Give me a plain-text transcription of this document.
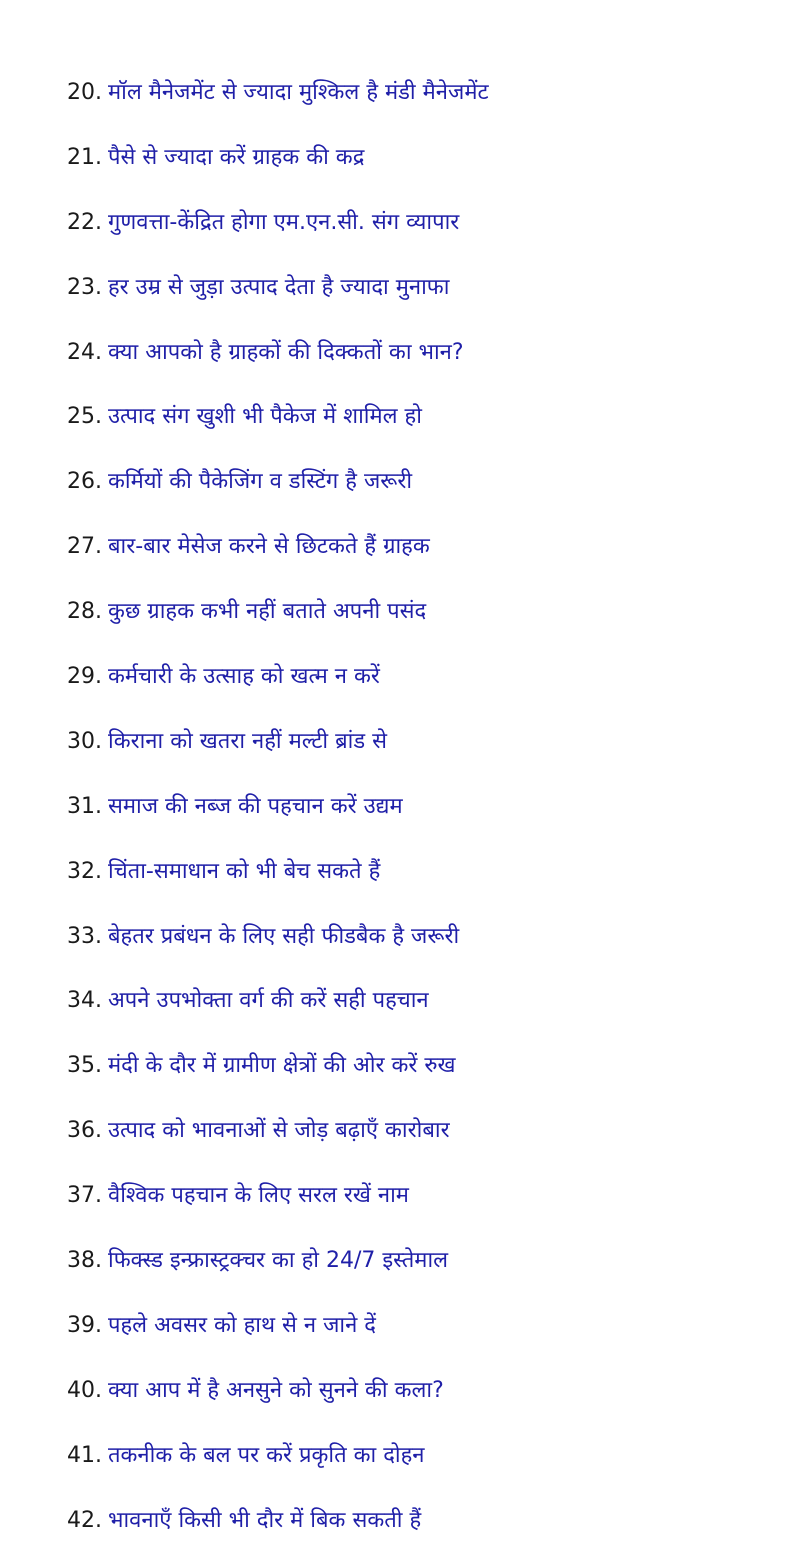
20. मॉल मैनेजमेंट से ज्यादा मुश्किल है मंडी मैनेजमेंट
21. पैसे से ज्यादा करें ग्राहक की कद्र
22. गुणवत्ता-केंद्रित होगा एम.एन.सी. संग व्यापार
23. हर उम्र से जुड़ा उत्पाद देता है ज्यादा मुनाफा
24. क्या आपको है ग्राहकों की दिक्कतों का भान?
25. उत्पाद संग खुशी भी पैकेज में शामिल हो
26. कर्मियों की पैकेजिंग व डस्टिंग है जरूरी
27. बार-बार मेसेज करने से छिटकते हैं ग्राहक
28. कुछ ग्राहक कभी नहीं बताते अपनी पसंद
29. कर्मचारी के उत्साह को खत्म न करें
30. किराना को खतरा नहीं मल्टी ब्रांड से
31. समाज की नब्ज की पहचान करें उद्यम
32. चिंता-समाधान को भी बेच सकते हैं
33. बेहतर प्रबंधन के लिए सही फीडबैक है जरूरी
34. अपने उपभोक्ता वर्ग की करें सही पहचान
35. मंदी के दौर में ग्रामीण क्षेत्रों की ओर करें रुख
36. उत्पाद को भावनाओं से जोड़ बढ़ाएँ कारोबार
37. वैश्विक पहचान के लिए सरल रखें नाम
38. फिक्स्ड इन्फ्रास्ट्रक्चर का हो 24/7 इस्तेमाल
39. पहले अवसर को हाथ से न जाने दें
40. क्या आप में है अनसुने को सुनने की कला?
41. तकनीक के बल पर करें प्रकृति का दोहन
42. भावनाएँ किसी भी दौर में बिक सकती हैं
